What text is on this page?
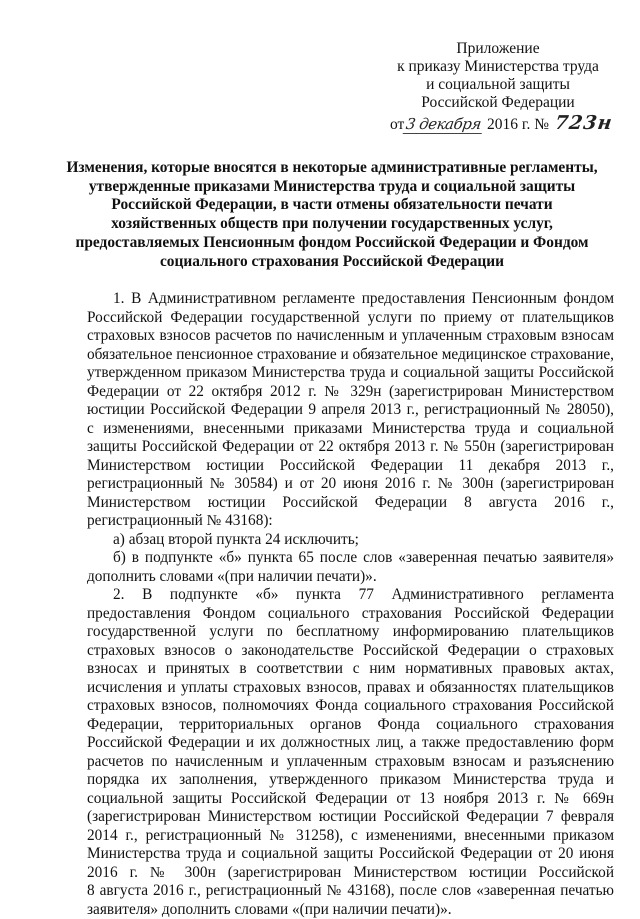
Приложение
к приказу Министерства труда
и социальной защиты
Российской Федерации
от3 декабря 2016 г. № 723н
Изменения, которые вносятся в некоторые административные регламенты,
утвержденные приказами Министерства труда и социальной защиты
Российской Федерации, в части отмены обязательности печати
хозяйственных обществ при получении государственных услуг,
предоставляемых Пенсионным фондом Российской Федерации и Фондом
социального страхования Российской Федерации
1. В Административном регламенте предоставления Пенсионным фондом
Российской Федерации государственной услуги по приему от плательщиков
страховых взносов расчетов по начисленным и уплаченным страховым взносам
обязательное пенсионное страхование и обязательное медицинское страхование,
утвержденном приказом Министерства труда и социальной защиты Российской
Федерации от 22 октября 2012 г. № 329н (зарегистрирован Министерством
юстиции Российской Федерации 9 апреля 2013 г., регистрационный № 28050),
с изменениями, внесенными приказами Министерства труда и социальной
защиты Российской Федерации от 22 октября 2013 г. № 550н (зарегистрирован
Министерством юстиции Российской Федерации 11 декабря 2013 г.,
регистрационный № 30584) и от 20 июня 2016 г. № 300н (зарегистрирован
Министерством юстиции Российской Федерации 8 августа 2016 г.,
регистрационный № 43168):
а) абзац второй пункта 24 исключить;
б) в подпункте «б» пункта 65 после слов «заверенная печатью заявителя»
дополнить словами «(при наличии печати)».
2. В подпункте «б» пункта 77 Административного регламента
предоставления Фондом социального страхования Российской Федерации
государственной услуги по бесплатному информированию плательщиков
страховых взносов о законодательстве Российской Федерации о страховых
взносах и принятых в соответствии с ним нормативных правовых актах,
исчисления и уплаты страховых взносов, правах и обязанностях плательщиков
страховых взносов, полномочиях Фонда социального страхования Российской
Федерации, территориальных органов Фонда социального страхования
Российской Федерации и их должностных лиц, а также предоставлению форм
расчетов по начисленным и уплаченным страховым взносам и разъяснению
порядка их заполнения, утвержденного приказом Министерства труда и
социальной защиты Российской Федерации от 13 ноября 2013 г. № 669н
(зарегистрирован Министерством юстиции Российской Федерации 7 февраля
2014 г., регистрационный № 31258), с изменениями, внесенными приказом
Министерства труда и социальной защиты Российской Федерации от 20 июня
2016 г. № 300н (зарегистрирован Министерством юстиции Российской
8 августа 2016 г., регистрационный № 43168), после слов «заверенная печатью
заявителя» дополнить словами «(при наличии печати)».
